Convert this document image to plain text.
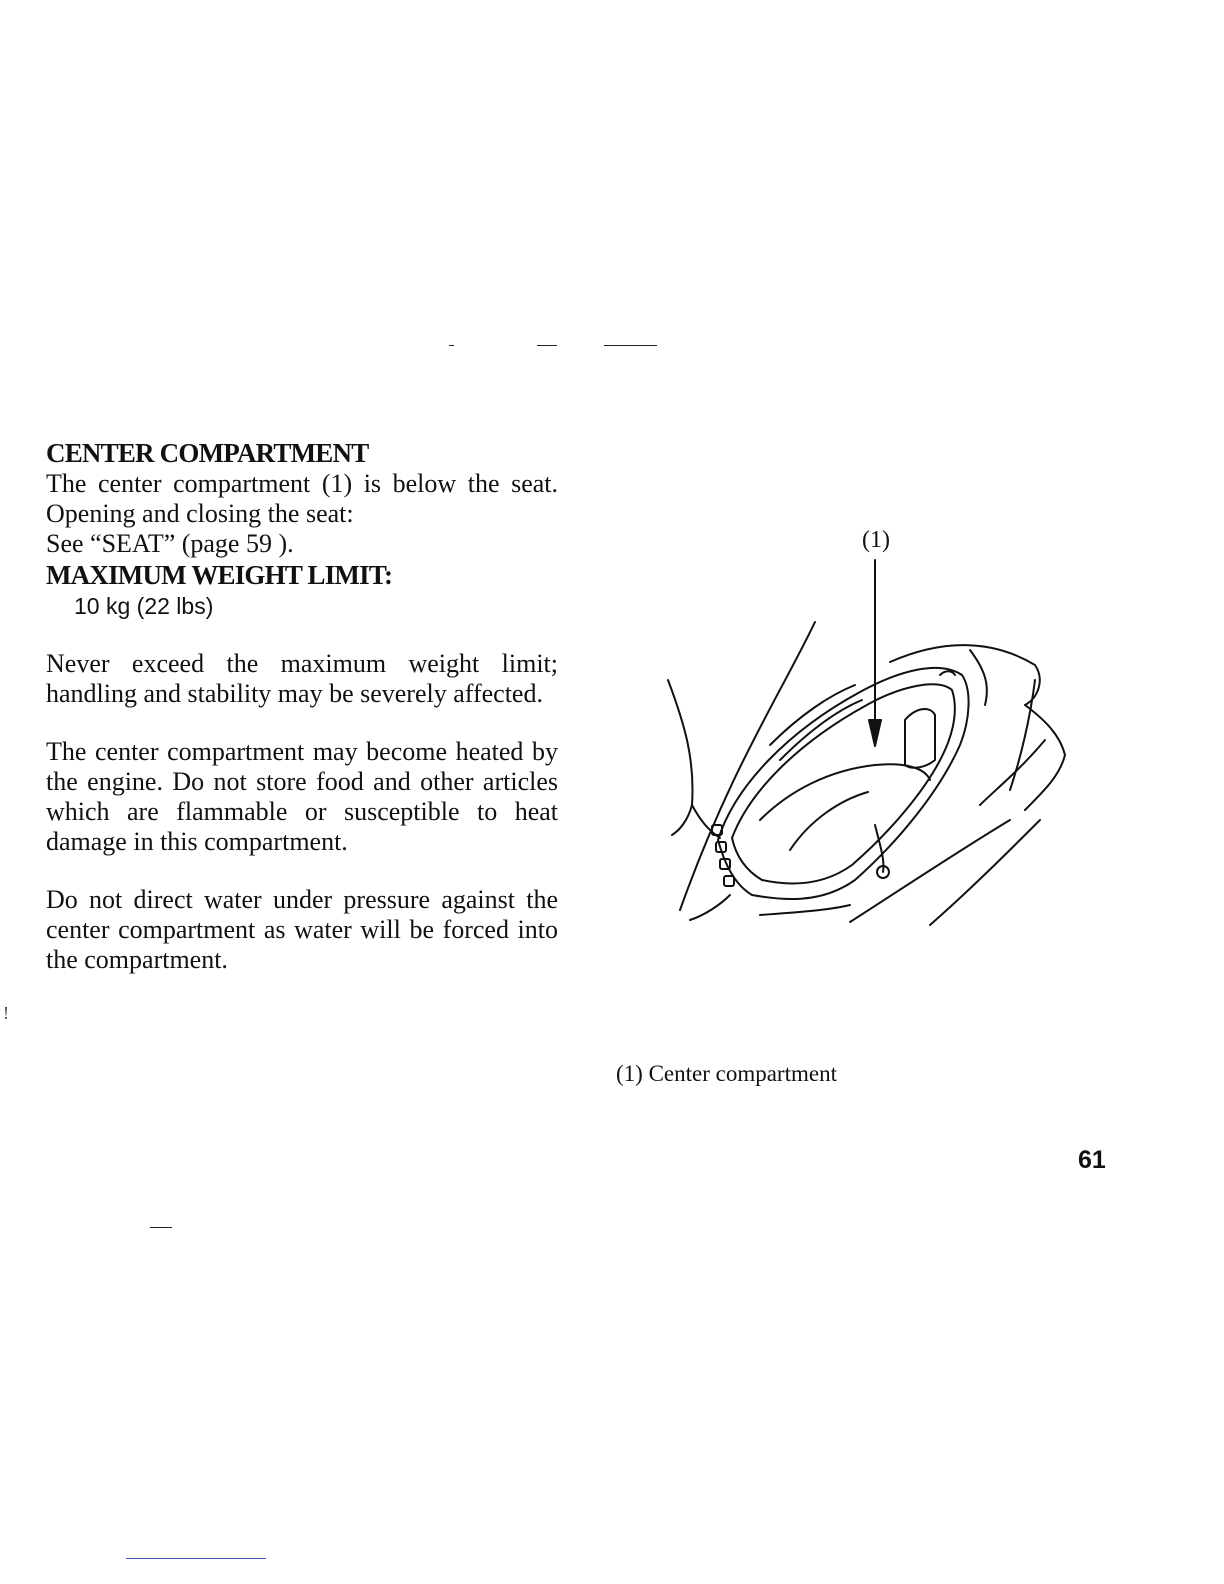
!
CENTER COMPARTMENT

The center compartment (1) is below the seat. Opening and closing the seat:

See “SEAT” (page 59 ).

MAXIMUM WEIGHT LIMIT:

10 kg (22 lbs)

Never exceed the maximum weight limit; handling and stability may be severely affected.

The center compartment may become heated by the engine. Do not store food and other articles which are flammable or susceptible to heat damage in this compartment.

Do not direct water under pressure against the center compartment as water will be forced into the compartment.

(1)
(1) Center compartment
61
